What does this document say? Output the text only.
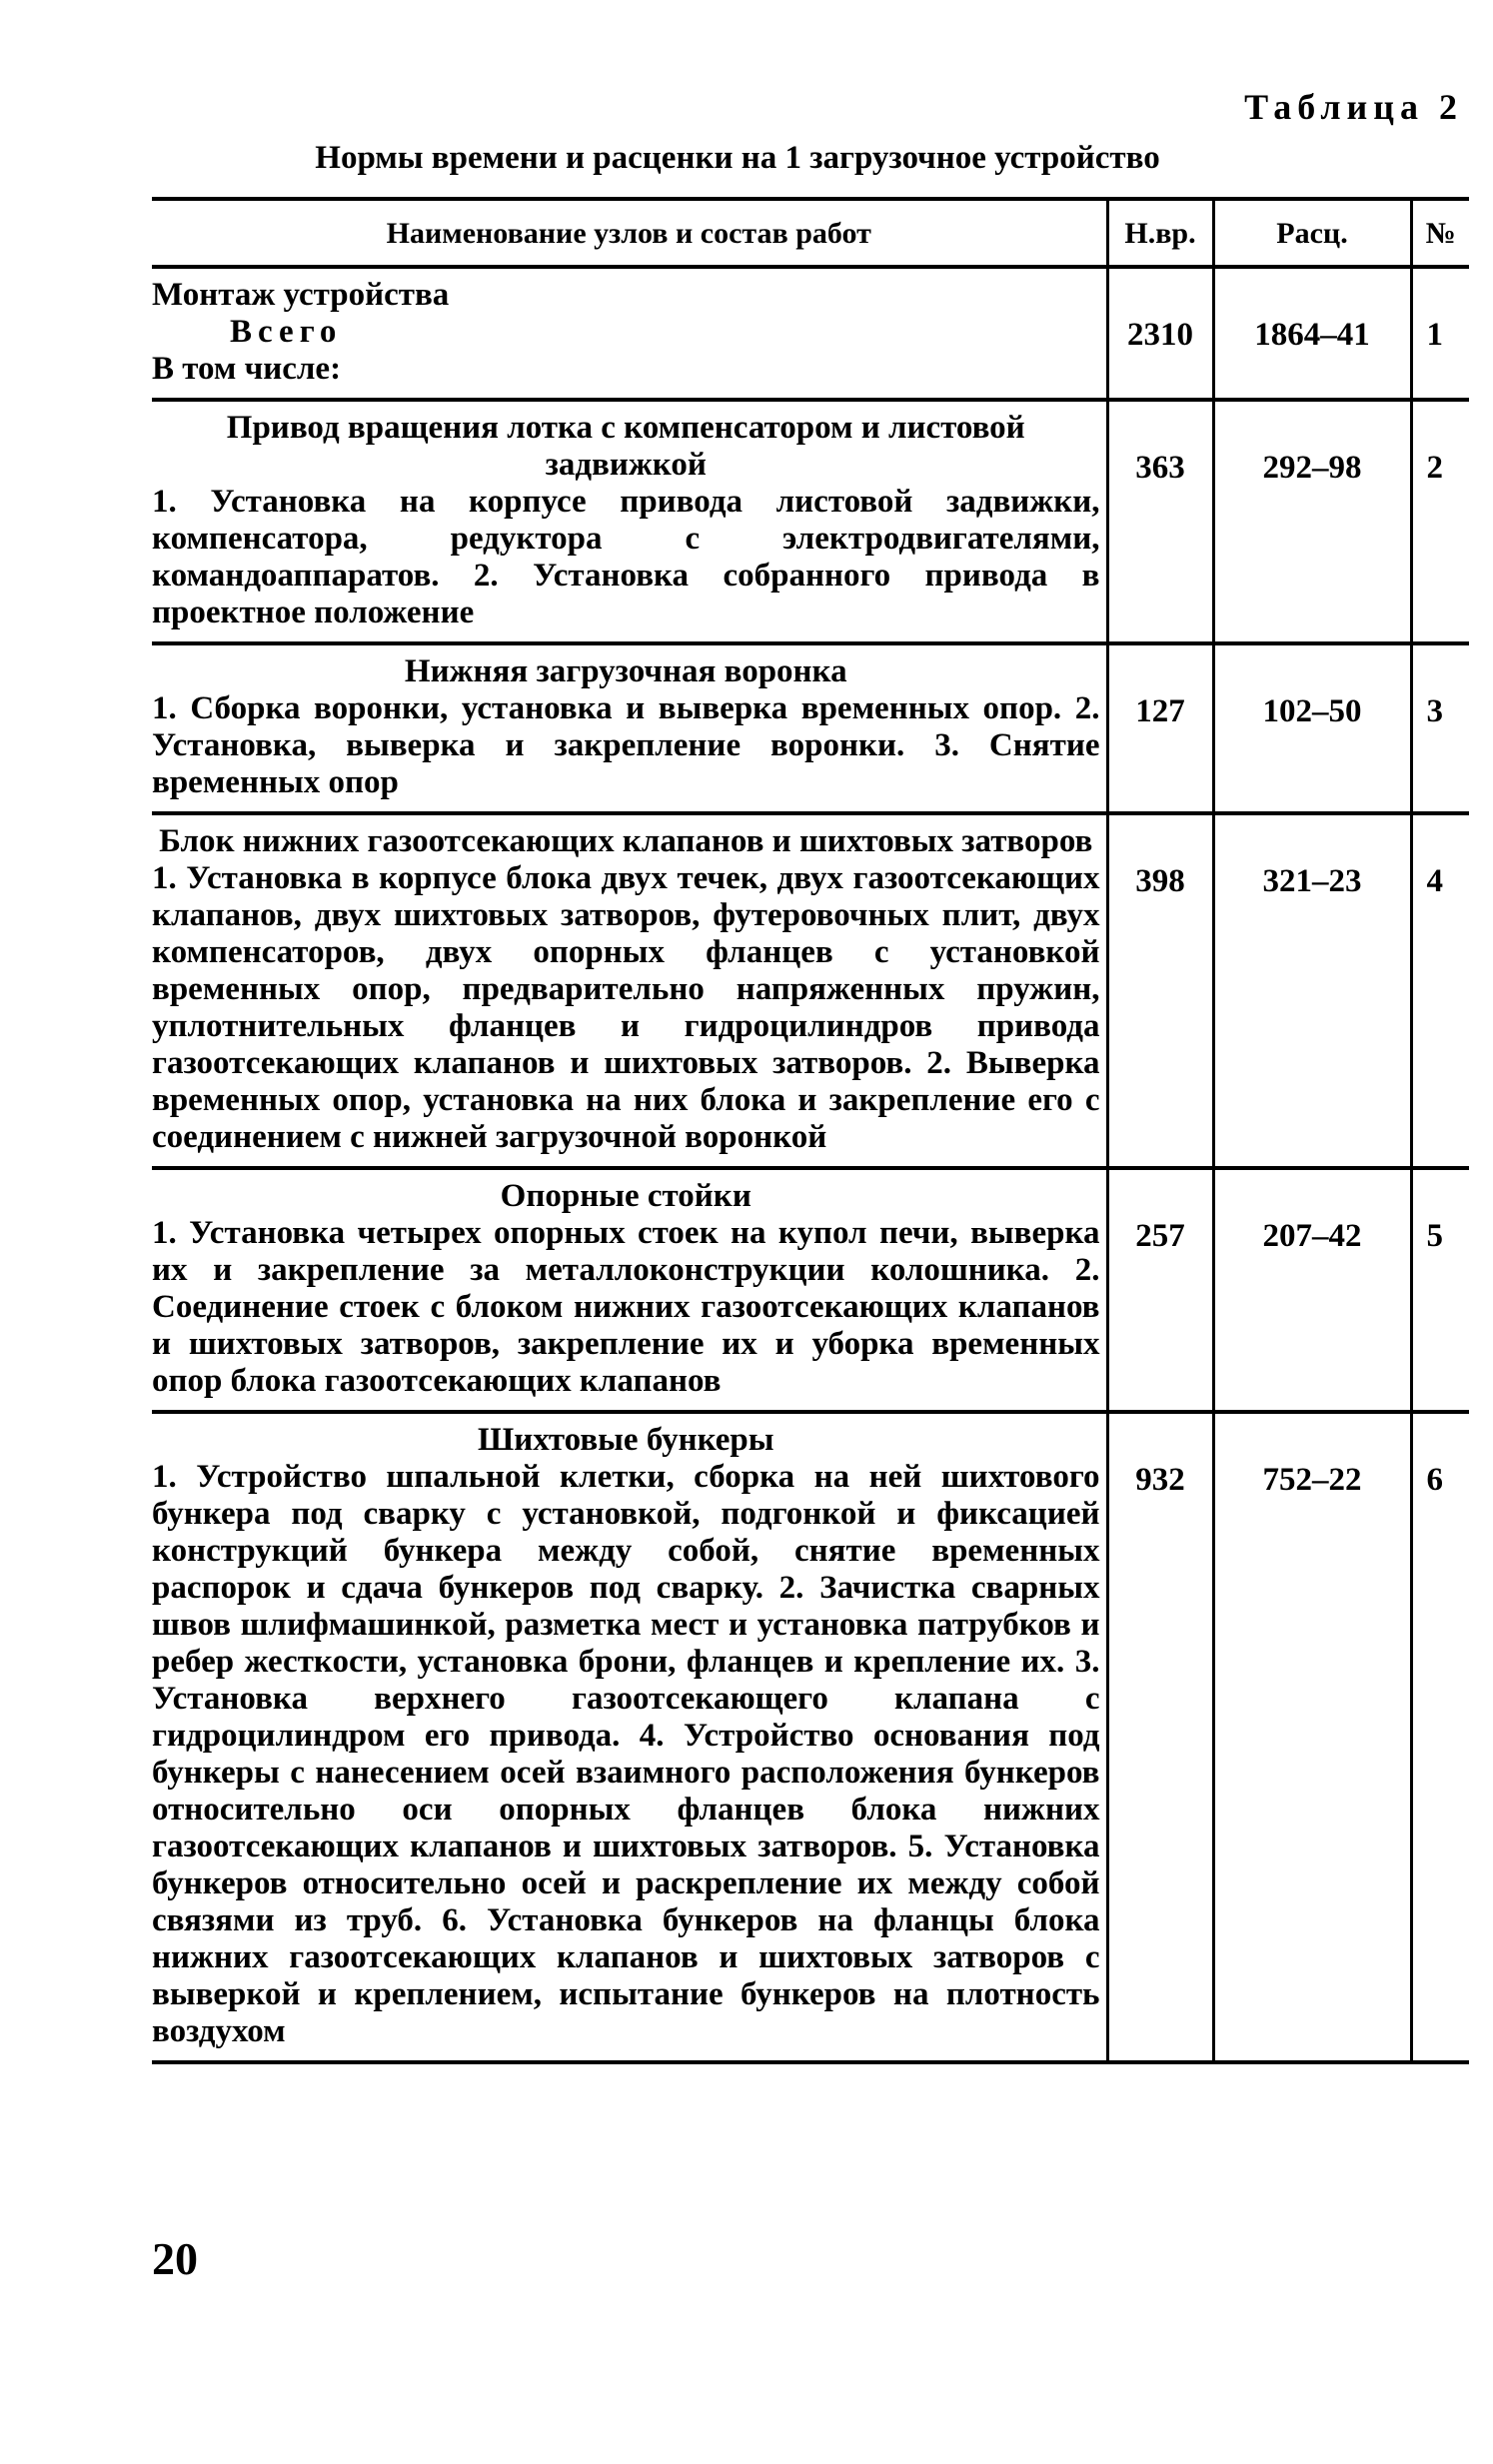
Таблица 2
Нормы времени и расценки на 1 загрузочное устройство
Наименование узлов и состав работ	Н.вр.	Расц.	№

Монтаж устройства
Всего
В том числе:	2310	1864–41	1

Привод вращения лотка с компенсатором и листовой задвижкой
1. Установка на корпусе привода листовой задвижки, компенсатора, редуктора с электродвигателями, командоаппаратов. 2. Установка собранного привода в проектное положение	363	292–98	2

Нижняя загрузочная воронка
1. Сборка воронки, установка и выверка временных опор. 2. Установка, выверка и закрепление воронки. 3. Снятие временных опор	127	102–50	3

Блок нижних газоотсекающих клапанов и шихтовых затворов
1. Установка в корпусе блока двух течек, двух газоотсекающих клапанов, двух шихтовых затворов, футеровочных плит, двух компенсаторов, двух опорных фланцев с установкой временных опор, предварительно напряженных пружин, уплотнительных фланцев и гидроцилиндров привода газоотсекающих клапанов и шихтовых затворов. 2. Выверка временных опор, установка на них блока и закрепление его с соединением с нижней загрузочной воронкой	398	321–23	4

Опорные стойки
1. Установка четырех опорных стоек на купол печи, выверка их и закрепление за металлоконструкции колошника. 2. Соединение стоек с блоком нижних газоотсекающих клапанов и шихтовых затворов, закрепление их и уборка временных опор блока газоотсекающих клапанов	257	207–42	5

Шихтовые бункеры
1. Устройство шпальной клетки, сборка на ней шихтового бункера под сварку с установкой, подгонкой и фиксацией конструкций бункера между собой, снятие временных распорок и сдача бункеров под сварку. 2. Зачистка сварных швов шлифмашинкой, разметка мест и установка патрубков и ребер жесткости, установка брони, фланцев и крепление их. 3. Установка верхнего газоотсекающего клапана с гидроцилиндром его привода. 4. Устройство основания под бункеры с нанесением осей взаимного расположения бункеров относительно оси опорных фланцев блока нижних газоотсекающих клапанов и шихтовых затворов. 5. Установка бункеров относительно осей и раскрепление их между собой связями из труб. 6. Установка бункеров на фланцы блока нижних газоотсекающих клапанов и шихтовых затворов с выверкой и креплением, испытание бункеров на плотность воздухом	932	752–22	6
20
